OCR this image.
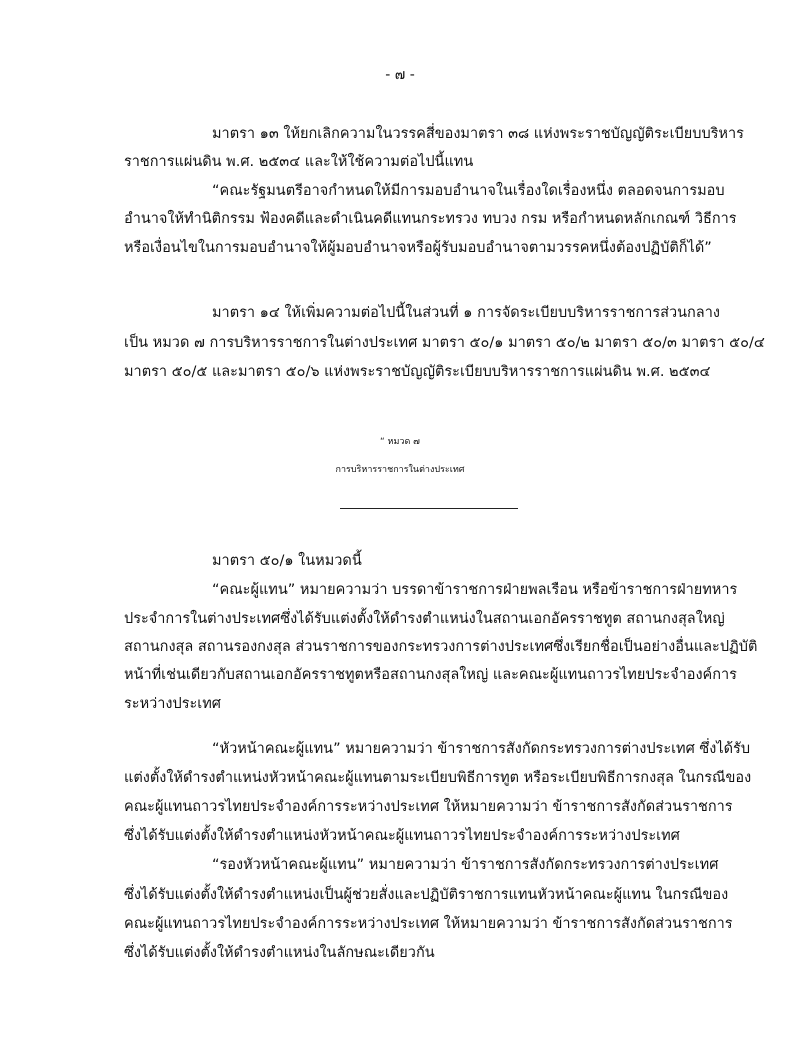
- ๗ -
มาตรา ๑๓ ให้ยกเลิกความในวรรคสี่ของมาตรา ๓๘ แห่งพระราชบัญญัติระเบียบบริหาร
ราชการแผ่นดิน พ.ศ. ๒๕๓๔ และให้ใช้ความต่อไปนี้แทน
“คณะรัฐมนตรีอาจกำหนดให้มีการมอบอำนาจในเรื่องใดเรื่องหนึ่ง ตลอดจนการมอบ
อำนาจให้ทำนิติกรรม ฟ้องคดีและดำเนินคดีแทนกระทรวง ทบวง กรม หรือกำหนดหลักเกณฑ์ วิธีการ
หรือเงื่อนไขในการมอบอำนาจให้ผู้มอบอำนาจหรือผู้รับมอบอำนาจตามวรรคหนึ่งต้องปฏิบัติก็ได้”
มาตรา ๑๔ ให้เพิ่มความต่อไปนี้ในส่วนที่ ๑ การจัดระเบียบบริหารราชการส่วนกลาง
เป็น หมวด ๗ การบริหารราชการในต่างประเทศ มาตรา ๕๐/๑ มาตรา ๕๐/๒ มาตรา ๕๐/๓ มาตรา ๕๐/๔
มาตรา ๕๐/๕ และมาตรา ๕๐/๖ แห่งพระราชบัญญัติระเบียบบริหารราชการแผ่นดิน พ.ศ. ๒๕๓๔
“ หมวด ๗
การบริหารราชการในต่างประเทศ
มาตรา ๕๐/๑ ในหมวดนี้
“คณะผู้แทน” หมายความว่า บรรดาข้าราชการฝ่ายพลเรือน หรือข้าราชการฝ่ายทหาร
ประจำการในต่างประเทศซึ่งได้รับแต่งตั้งให้ดำรงตำแหน่งในสถานเอกอัครราชทูต สถานกงสุลใหญ่
สถานกงสุล สถานรองกงสุล ส่วนราชการของกระทรวงการต่างประเทศซึ่งเรียกชื่อเป็นอย่างอื่นและปฏิบัติ
หน้าที่เช่นเดียวกับสถานเอกอัครราชทูตหรือสถานกงสุลใหญ่ และคณะผู้แทนถาวรไทยประจำองค์การ
ระหว่างประเทศ
“หัวหน้าคณะผู้แทน” หมายความว่า ข้าราชการสังกัดกระทรวงการต่างประเทศ ซึ่งได้รับ
แต่งตั้งให้ดำรงตำแหน่งหัวหน้าคณะผู้แทนตามระเบียบพิธีการทูต หรือระเบียบพิธีการกงสุล ในกรณีของ
คณะผู้แทนถาวรไทยประจำองค์การระหว่างประเทศ ให้หมายความว่า ข้าราชการสังกัดส่วนราชการ
ซึ่งได้รับแต่งตั้งให้ดำรงตำแหน่งหัวหน้าคณะผู้แทนถาวรไทยประจำองค์การระหว่างประเทศ
“รองหัวหน้าคณะผู้แทน” หมายความว่า ข้าราชการสังกัดกระทรวงการต่างประเทศ
ซึ่งได้รับแต่งตั้งให้ดำรงตำแหน่งเป็นผู้ช่วยสั่งและปฏิบัติราชการแทนหัวหน้าคณะผู้แทน ในกรณีของ
คณะผู้แทนถาวรไทยประจำองค์การระหว่างประเทศ ให้หมายความว่า ข้าราชการสังกัดส่วนราชการ
ซึ่งได้รับแต่งตั้งให้ดำรงตำแหน่งในลักษณะเดียวกัน
